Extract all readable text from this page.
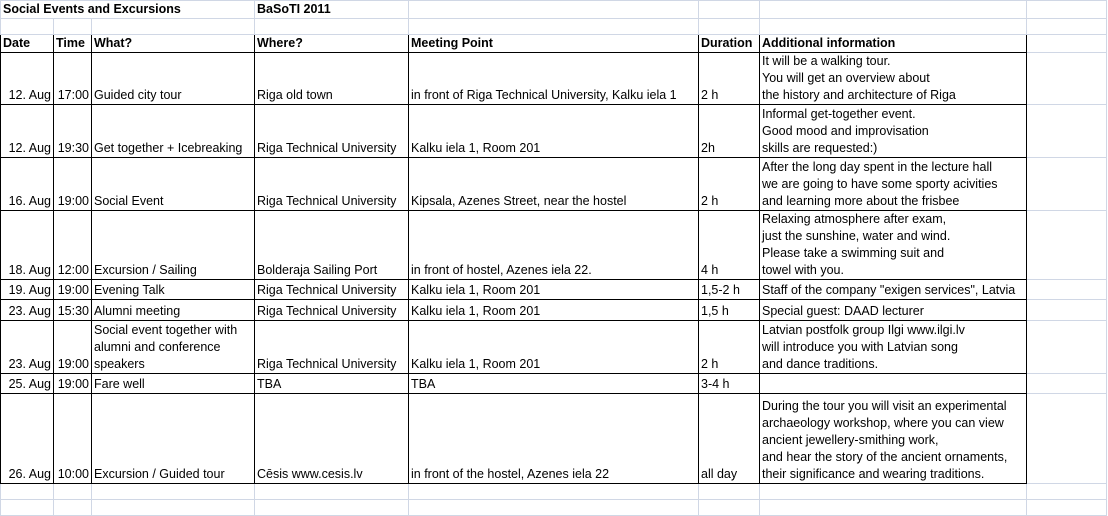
Social Events and Excursions			BaSoTI 2011				

Date	Time	What?	Where?	Meeting Point	Duration	Additional information	

12. Aug	17:00	Guided city tour	Riga old town	in front of Riga Technical University, Kalku iela 1	2 h	It will be a walking tour.
You will get an overview about
the history and architecture of Riga	

12. Aug	19:30	Get together + Icebreaking	Riga Technical University	Kalku iela 1, Room 201	2h	Informal get-together event.
Good mood and improvisation
skills are requested:)	

16. Aug	19:00	Social Event	Riga Technical University	Kipsala, Azenes Street, near the hostel	2 h	After the long day spent in the lecture hall
we are going to have some sporty acivities
and learning more about the frisbee	

18. Aug	12:00	Excursion / Sailing	Bolderaja Sailing Port	in front of hostel, Azenes iela 22.	4 h	Relaxing atmosphere after exam,
just the sunshine, water and wind.
Please take a swimming suit and
towel with you.	

19. Aug	19:00	Evening Talk	Riga Technical University	Kalku iela 1, Room 201	1,5-2 h	Staff of the company "exigen services", Latvia	

23. Aug	15:30	Alumni meeting	Riga Technical University	Kalku iela 1, Room 201	1,5 h	Special guest: DAAD lecturer	

23. Aug	19:00	Social event together with
alumni and conference
speakers	Riga Technical University	Kalku iela 1, Room 201	2 h	Latvian postfolk group Ilgi www.ilgi.lv
will introduce you with Latvian song
and dance traditions.	

25. Aug	19:00	Fare well	TBA	TBA	3-4 h		

26. Aug	10:00	Excursion / Guided tour	Cēsis www.cesis.lv	in front of the hostel, Azenes iela 22	all day	During the tour you will visit an experimental
archaeology workshop, where you can view
ancient jewellery-smithing work,
and hear the story of the ancient ornaments,
their significance and wearing traditions.	
